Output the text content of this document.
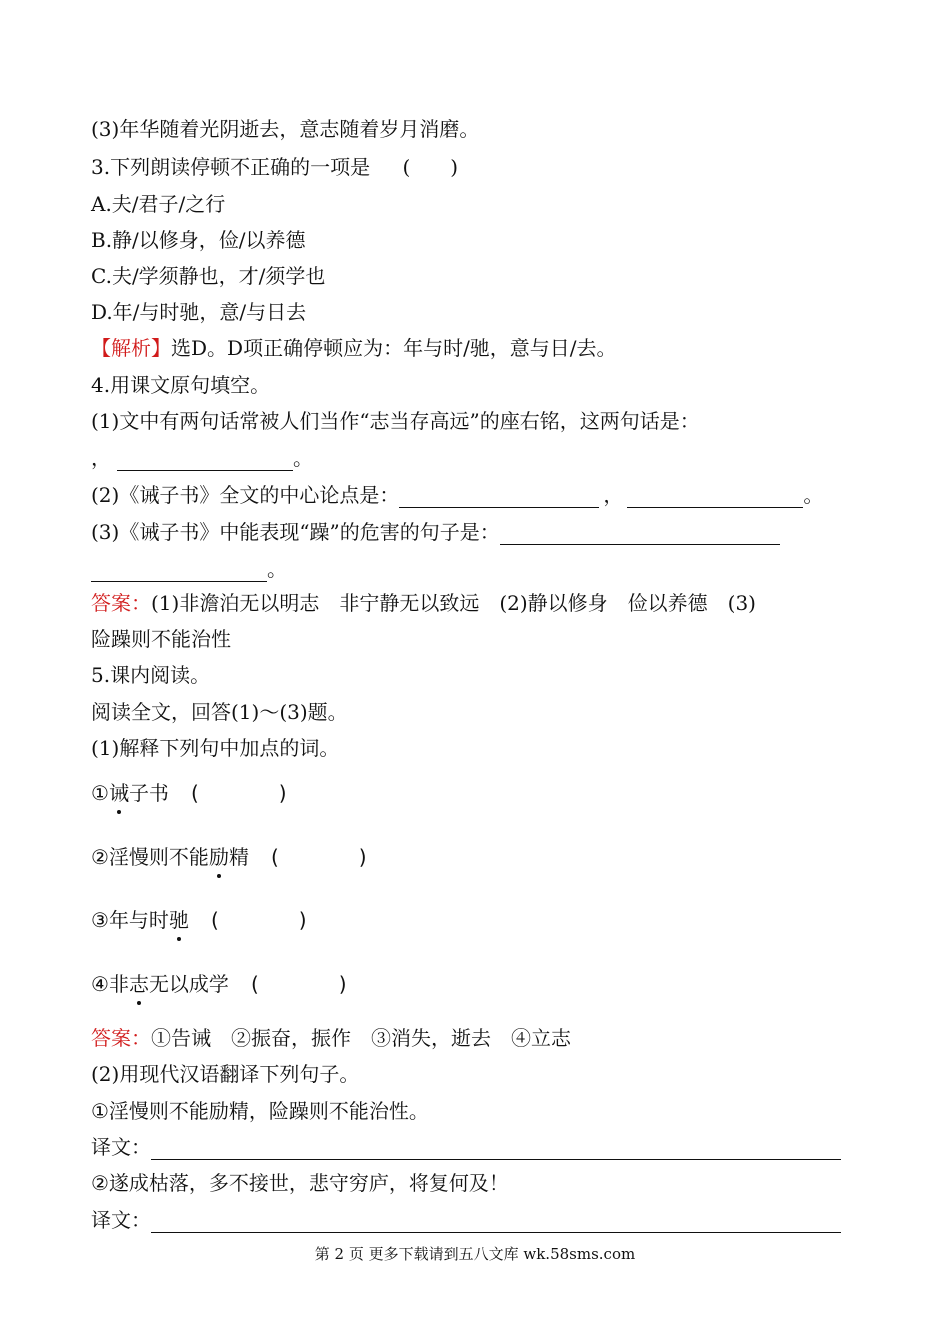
(3)年华随着光阴逝去，意志随着岁月消磨。
3.下列朗读停顿不正确的一项是 (　　)
A.夫/君子/之行
B.静/以修身，俭/以养德
C.夫/学须静也，才/须学也
D.年/与时驰，意/与日去
【解析】选D。D项正确停顿应为：年与时/驰，意与日/去。
4.用课文原句填空。
(1)文中有两句话常被人们当作“志当存高远”的座右铭，这两句话是：
，	。
(2)《诫子书》全文的中心论点是：	，	。
(3)《诫子书》中能表现“躁”的危害的句子是：
。
答案：(1)非澹泊无以明志　非宁静无以致远　(2)静以修身　俭以养德　(3)
险躁则不能治性
5.课内阅读。
阅读全文，回答(1)～(3)题。
(1)解释下列句中加点的词。
①诫子书 (　　　　)
②淫慢则不能励精 (　　　　)
③年与时驰 (　　　　)
④非志无以成学 (　　　　)
答案：①告诫　②振奋，振作　③消失，逝去　④立志
(2)用现代汉语翻译下列句子。
①淫慢则不能励精，险躁则不能治性。
译文：
②遂成枯落，多不接世，悲守穷庐，将复何及！
译文：
第 2 页 更多下载请到五八文库 wk.58sms.com
